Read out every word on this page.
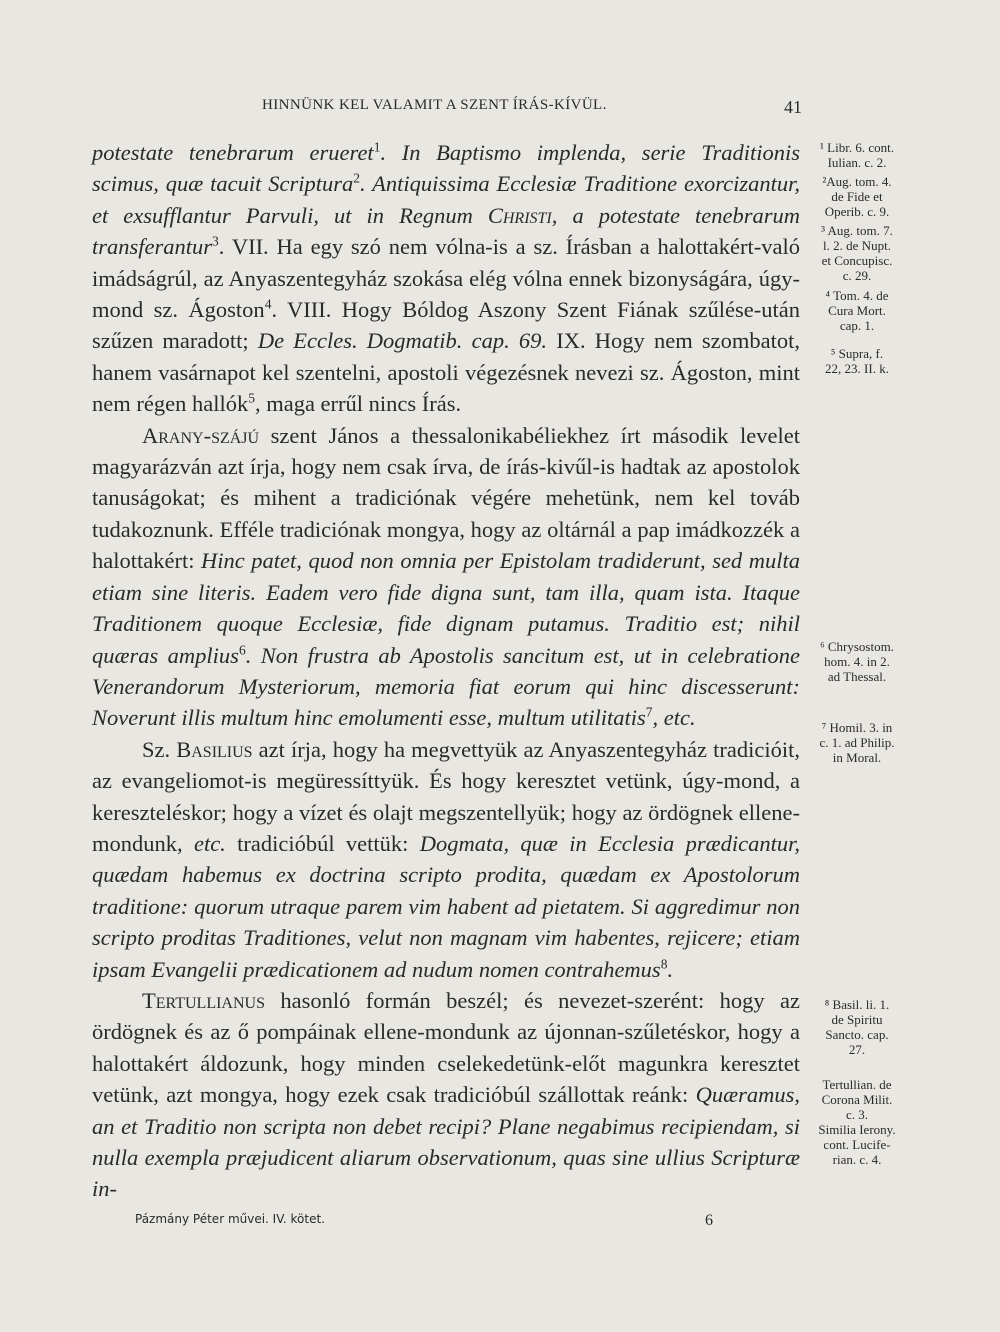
HINNÜNK KEL VALAMIT A SZENT ÍRÁS-KÍVÜL.	41

potestate tenebrarum erueret$^1$. In Baptismo implenda, serie Traditionis scimus, quæ tacuit Scriptura$^2$. Antiquissima Ecclesiæ Traditione exorcizantur, et exsufflantur Parvuli, ut in Regnum Christi, a potestate tenebrarum transferantur$^3$. VII. Ha egy szó nem vólna-is a sz. Írásban a halottakért-való imádságrúl, az Anyaszentegyház szokása elég vólna ennek bizonyságára, úgy-mond sz. Ágoston$^4$. VIII. Hogy Bóldog Aszony Szent Fiának szűlése-után szűzen maradott; De Eccles. Dogmatib. cap. 69. IX. Hogy nem szombatot, hanem vasárnapot kel szentelni, apostoli végezésnek nevezi sz. Ágoston, mint nem régen hallók$^5$, maga errűl nincs Írás.

Arany-szájú szent János a thessalonikabéliekhez írt második levelet magyarázván azt írja, hogy nem csak írva, de írás-kivűl-is hadtak az apostolok tanuságokat; és mihent a tradiciónak végére mehetünk, nem kel továb tudakoznunk. Efféle tradiciónak mongya, hogy az oltárnál a pap imádkozzék a halottakért: Hinc patet, quod non omnia per Epistolam tradiderunt, sed multa etiam sine literis. Eadem vero fide digna sunt, tam illa, quam ista. Itaque Traditionem quoque Ecclesiæ, fide dignam putamus. Traditio est; nihil quæras amplius$^6$. Non frustra ab Apostolis sancitum est, ut in celebratione Venerandorum Mysteriorum, memoria fiat eorum qui hinc discesserunt: Noverunt illis multum hinc emolumenti esse, multum utilitatis$^7$, etc.

Sz. Basilius azt írja, hogy ha megvettyük az Anyaszentegyház tradicióit, az evangeliomot-is megüressíttyük. És hogy keresztet vetünk, úgy-mond, a kereszteléskor; hogy a vízet és olajt megszentellyük; hogy az ördögnek ellene-mondunk, etc. tradicióbúl vettük: Dogmata, quæ in Ecclesia prædicantur, quædam habemus ex doctrina scripto prodita, quædam ex Apostolorum traditione: quorum utraque parem vim habent ad pietatem. Si aggredimur non scripto proditas Traditiones, velut non magnam vim habentes, rejicere; etiam ipsam Evangelii prædicationem ad nudum nomen contrahemus$^8$.

Tertullianus hasonló formán beszél; és nevezet-szerént: hogy az ördögnek és az ő pompáinak ellene-mondunk az újonnan-szűletéskor, hogy a halottakért áldozunk, hogy minden cselekedetünk-előt magunkra keresztet vetünk, azt mongya, hogy ezek csak tradicióbúl szállottak reánk: Quæramus, an et Traditio non scripta non debet recipi? Plane negabimus recipiendam, si nulla exempla præjudicent aliarum observationum, quas sine ullius Scripturæ in-

¹ Libr. 6. cont.
Iulian. c. 2.
²Aug. tom. 4.
de Fide et
Operib. c. 9.
³ Aug. tom. 7.
l. 2. de Nupt.
et Concupisc.
c. 29.
⁴ Tom. 4. de
Cura Mort.
cap. 1.
⁵ Supra, f.
22, 23. II. k.
⁶ Chrysostom.
hom. 4. in 2.
ad Thessal.
⁷ Homil. 3. in
c. 1. ad Philip.
in Moral.
⁸ Basil. li. 1.
de Spiritu
Sancto. cap.
27.
Tertullian. de
Corona Milit.
c. 3.
Similia Ierony.
cont. Lucife-
rian. c. 4.
Pázmány Péter művei. IV. kötet.	6
